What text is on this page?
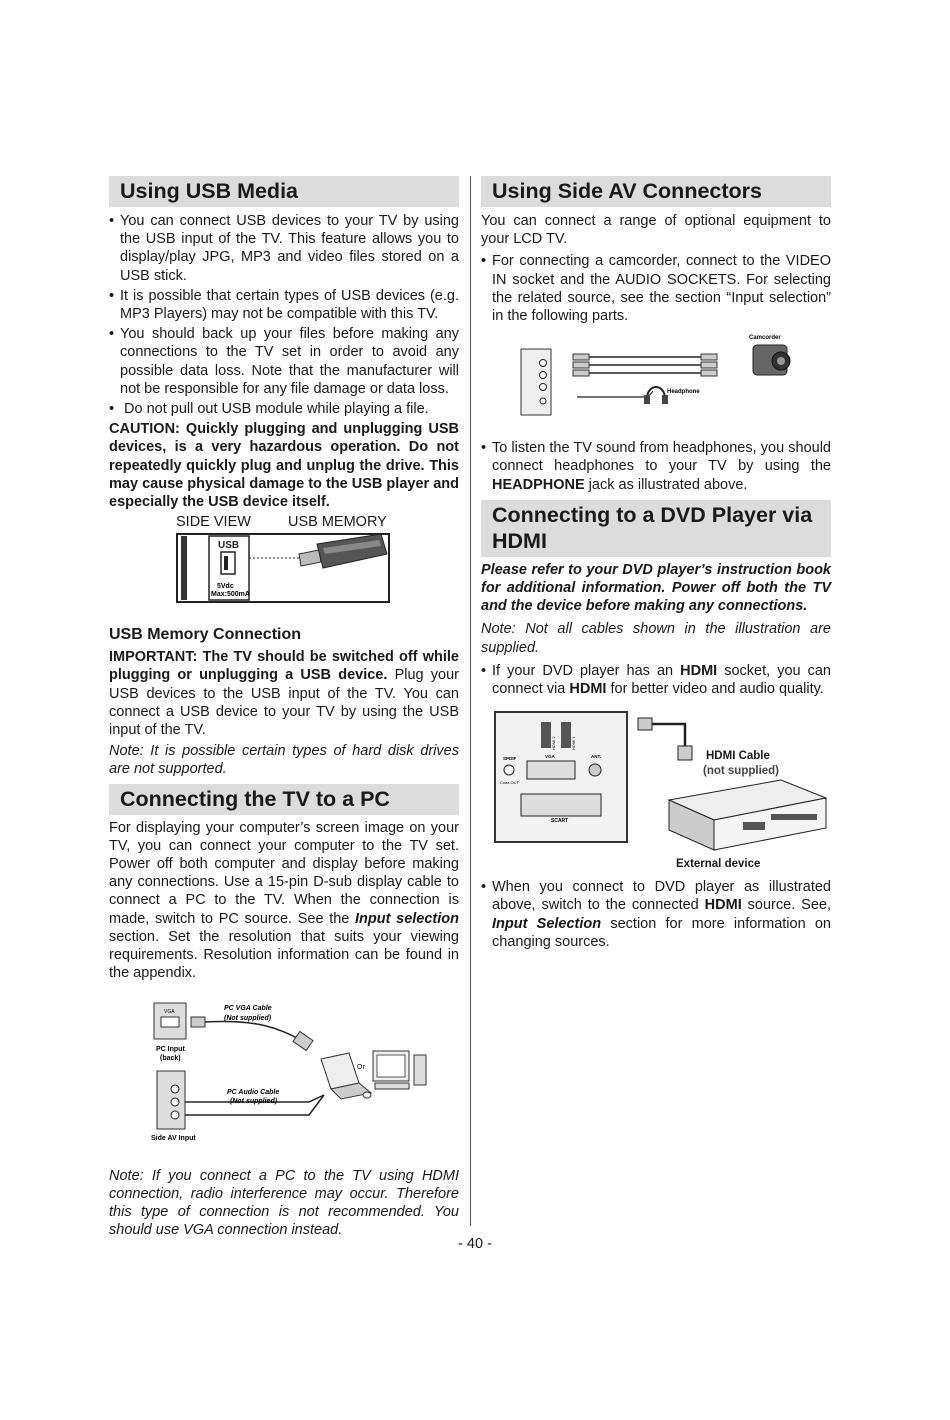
Using USB Media

• You can connect USB devices to your TV by using the USB input of the TV. This feature allows you to display/play JPG, MP3 and video files stored on a USB stick.

• It is possible that certain types of USB devices (e.g. MP3 Players) may not be compatible with this TV.

• You should back up your files before making any connections to the TV set in order to avoid any possible data loss. Note that the manufacturer will not be responsible for any file damage or data loss.

• Do not pull out USB module while playing a file.

CAUTION: Quickly plugging and unplugging USB devices, is a very hazardous operation. Do not repeatedly quickly plug and unplug the drive. This may cause physical damage to the USB player and especially the USB device itself.

SIDE VIEW	USB MEMORY
USB
5Vdc
Max:500mA
USB Memory Connection

IMPORTANT: The TV should be switched off while plugging or unplugging a USB device. Plug your USB devices to the USB input of the TV. You can connect a USB device to your TV by using the USB input of the TV.

Note: It is possible certain types of hard disk drives are not supported.

Connecting the TV to a PC

For displaying your computer’s screen image on your TV, you can connect your computer to the TV set. Power off both computer and display before making any connections. Use a 15-pin D-sub display cable to connect a PC to the TV. When the connection is made, switch to PC source. See the Input selection section. Set the resolution that suits your viewing requirements. Resolution information can be found in the appendix.

VGA	PC VGA Cable
(Not supplied)
PC Input
(back)
Or
PC Audio Cable
(Not supplied)
Side AV Input

Note: If you connect a PC to the TV using HDMI connection, radio interference may occur. Therefore this type of connection is not recommended. You should use VGA connection instead.

Using Side AV Connectors

You can connect a range of optional equipment to your LCD TV.

• For connecting a camcorder, connect to the VIDEO IN socket and the AUDIO SOCKETS. For selecting the related source, see the section “Input selection” in the following parts.

Camcorder
Headphone

• To listen the TV sound from headphones, you should connect headphones to your TV by using the HEADPHONE jack as illustrated above.

Connecting to a DVD Player via HDMI

Please refer to your DVD player’s instruction book for additional information. Power off both the TV and the device before making any connections.

Note: Not all cables shown in the illustration are supplied.

• If your DVD player has an HDMI socket, you can connect via HDMI for better video and audio quality.

HDMI 2	HDMI 1
SPDIF
Coax.OUT
VGA	ANT.
SCART
HDMI Cable
(not supplied)
External device

• When you connect to DVD player as illustrated above, switch to the connected HDMI source. See, Input Selection section for more information on changing sources.

- 40 -
